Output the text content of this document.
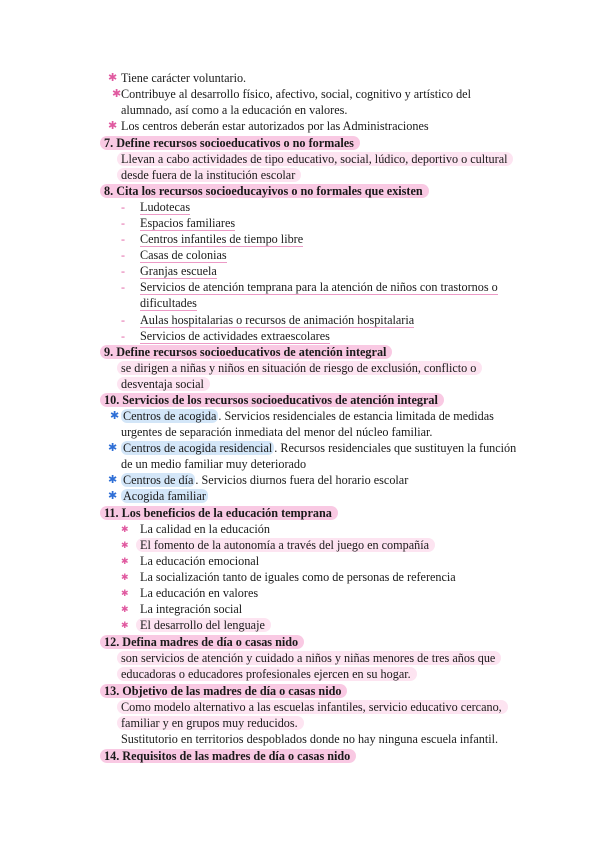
✱ Tiene carácter voluntario.
✱ Contribuye al desarrollo físico, afectivo, social, cognitivo y artístico del
alumnado, así como a la educación en valores.
✱ Los centros deberán estar autorizados por las Administraciones
7. Define recursos socioeducativos o no formales
Llevan a cabo actividades de tipo educativo, social, lúdico, deportivo o cultural
desde fuera de la institución escolar
8. Cita los recursos socioeducayivos o no formales que existen
- Ludotecas
- Espacios familiares
- Centros infantiles de tiempo libre
- Casas de colonias
- Granjas escuela
- Servicios de atención temprana para la atención de niños con trastornos o
dificultades
- Aulas hospitalarias o recursos de animación hospitalaria
- Servicios de actividades extraescolares
9. Define recursos socioeducativos de atención integral
se dirigen a niñas y niños en situación de riesgo de exclusión, conflicto o
desventaja social
10. Servicios de los recursos socioeducativos de atención integral
✱ Centros de acogida . Servicios residenciales de estancia limitada de medidas
urgentes de separación inmediata del menor del núcleo familiar.
✱ Centros de acogida residencial . Recursos residenciales que sustituyen la función
de un medio familiar muy deteriorado
✱ Centros de día . Servicios diurnos fuera del horario escolar
✱ Acogida familiar
11. Los beneficios de la educación temprana
✱ La calidad en la educación
✱ El fomento de la autonomía a través del juego en compañía
✱ La educación emocional
✱ La socialización tanto de iguales como de personas de referencia
✱ La educación en valores
✱ La integración social
✱ El desarrollo del lenguaje
12. Defina madres de día o casas nido
son servicios de atención y cuidado a niños y niñas menores de tres años que
educadoras o educadores profesionales ejercen en su hogar.
13. Objetivo de las madres de día o casas nido
Como modelo alternativo a las escuelas infantiles, servicio educativo cercano,
familiar y en grupos muy reducidos.
Sustitutorio en territorios despoblados donde no hay ninguna escuela infantil.
14. Requisitos de las madres de día o casas nido
